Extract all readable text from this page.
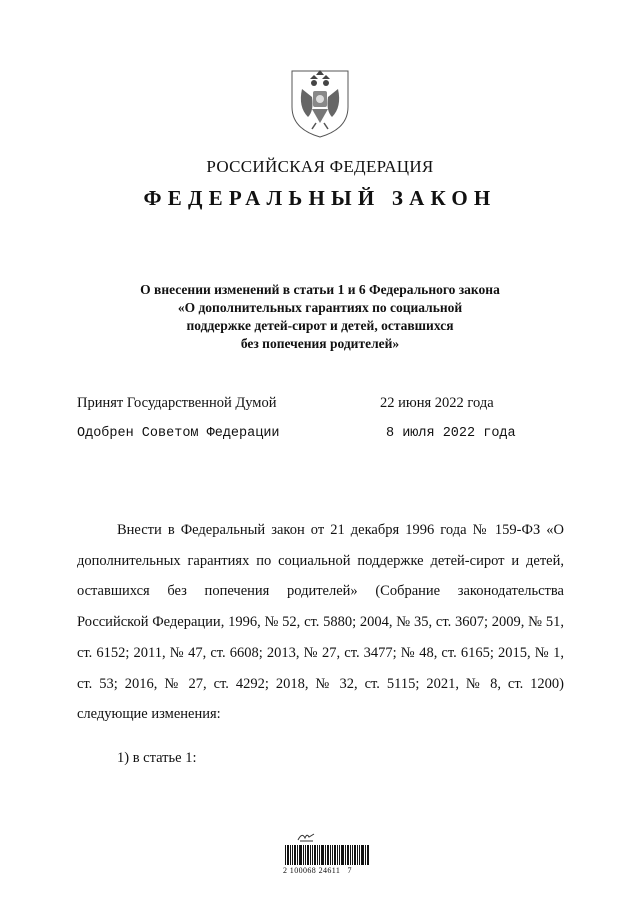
РОССИЙСКАЯ ФЕДЕРАЦИЯ
ФЕДЕРАЛЬНЫЙ ЗАКОН
О внесении изменений в статьи 1 и 6 Федерального закона
«О дополнительных гарантиях по социальной
поддержке детей-сирот и детей, оставшихся
без попечения родителей»
Принят Государственной Думой	22 июня 2022 года
Одобрен Советом Федерации	8 июля 2022 года
Внести в Федеральный закон от 21 декабря 1996 года № 159-ФЗ «О дополнительных гарантиях по социальной поддержке детей-сирот и детей, оставшихся без попечения родителей» (Собрание законодательства Российской Федерации, 1996, № 52, ст. 5880; 2004, № 35, ст. 3607; 2009, № 51, ст. 6152; 2011, № 47, ст. 6608; 2013, № 27, ст. 3477; № 48, ст. 6165; 2015, № 1, ст. 53; 2016, № 27, ст. 4292; 2018, № 32, ст. 5115; 2021, № 8, ст. 1200) следующие изменения:
1) в статье 1:
2 100068 24611   7
